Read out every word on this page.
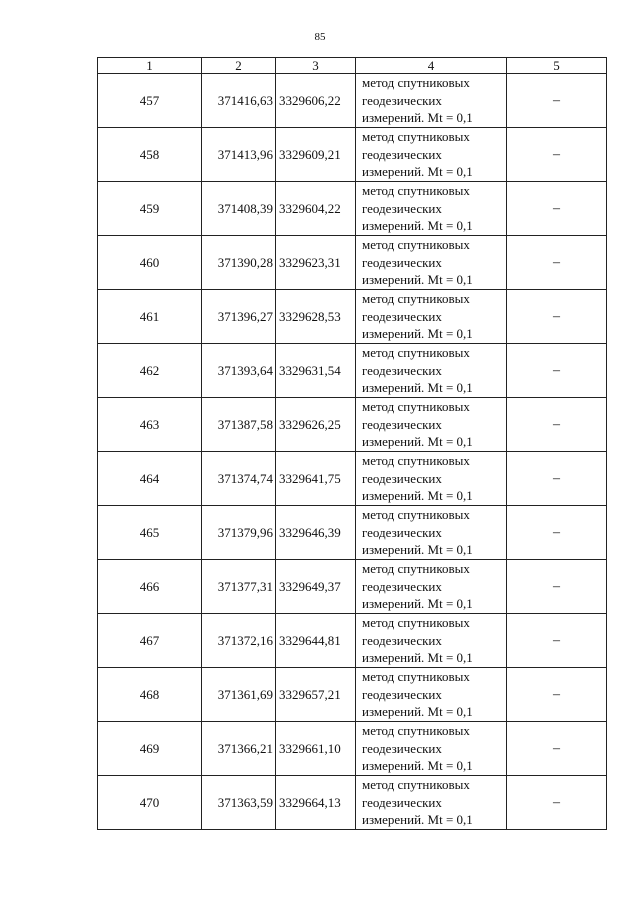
85
1	2	3	4	5
457	371416,63	3329606,22	метод спутниковых
геодезических
измерений. Mt = 0,1	–
458	371413,96	3329609,21	метод спутниковых
геодезических
измерений. Mt = 0,1	–
459	371408,39	3329604,22	метод спутниковых
геодезических
измерений. Mt = 0,1	–
460	371390,28	3329623,31	метод спутниковых
геодезических
измерений. Mt = 0,1	–
461	371396,27	3329628,53	метод спутниковых
геодезических
измерений. Mt = 0,1	–
462	371393,64	3329631,54	метод спутниковых
геодезических
измерений. Mt = 0,1	–
463	371387,58	3329626,25	метод спутниковых
геодезических
измерений. Mt = 0,1	–
464	371374,74	3329641,75	метод спутниковых
геодезических
измерений. Mt = 0,1	–
465	371379,96	3329646,39	метод спутниковых
геодезических
измерений. Mt = 0,1	–
466	371377,31	3329649,37	метод спутниковых
геодезических
измерений. Mt = 0,1	–
467	371372,16	3329644,81	метод спутниковых
геодезических
измерений. Mt = 0,1	–
468	371361,69	3329657,21	метод спутниковых
геодезических
измерений. Mt = 0,1	–
469	371366,21	3329661,10	метод спутниковых
геодезических
измерений. Mt = 0,1	–
470	371363,59	3329664,13	метод спутниковых
геодезических
измерений. Mt = 0,1	–
